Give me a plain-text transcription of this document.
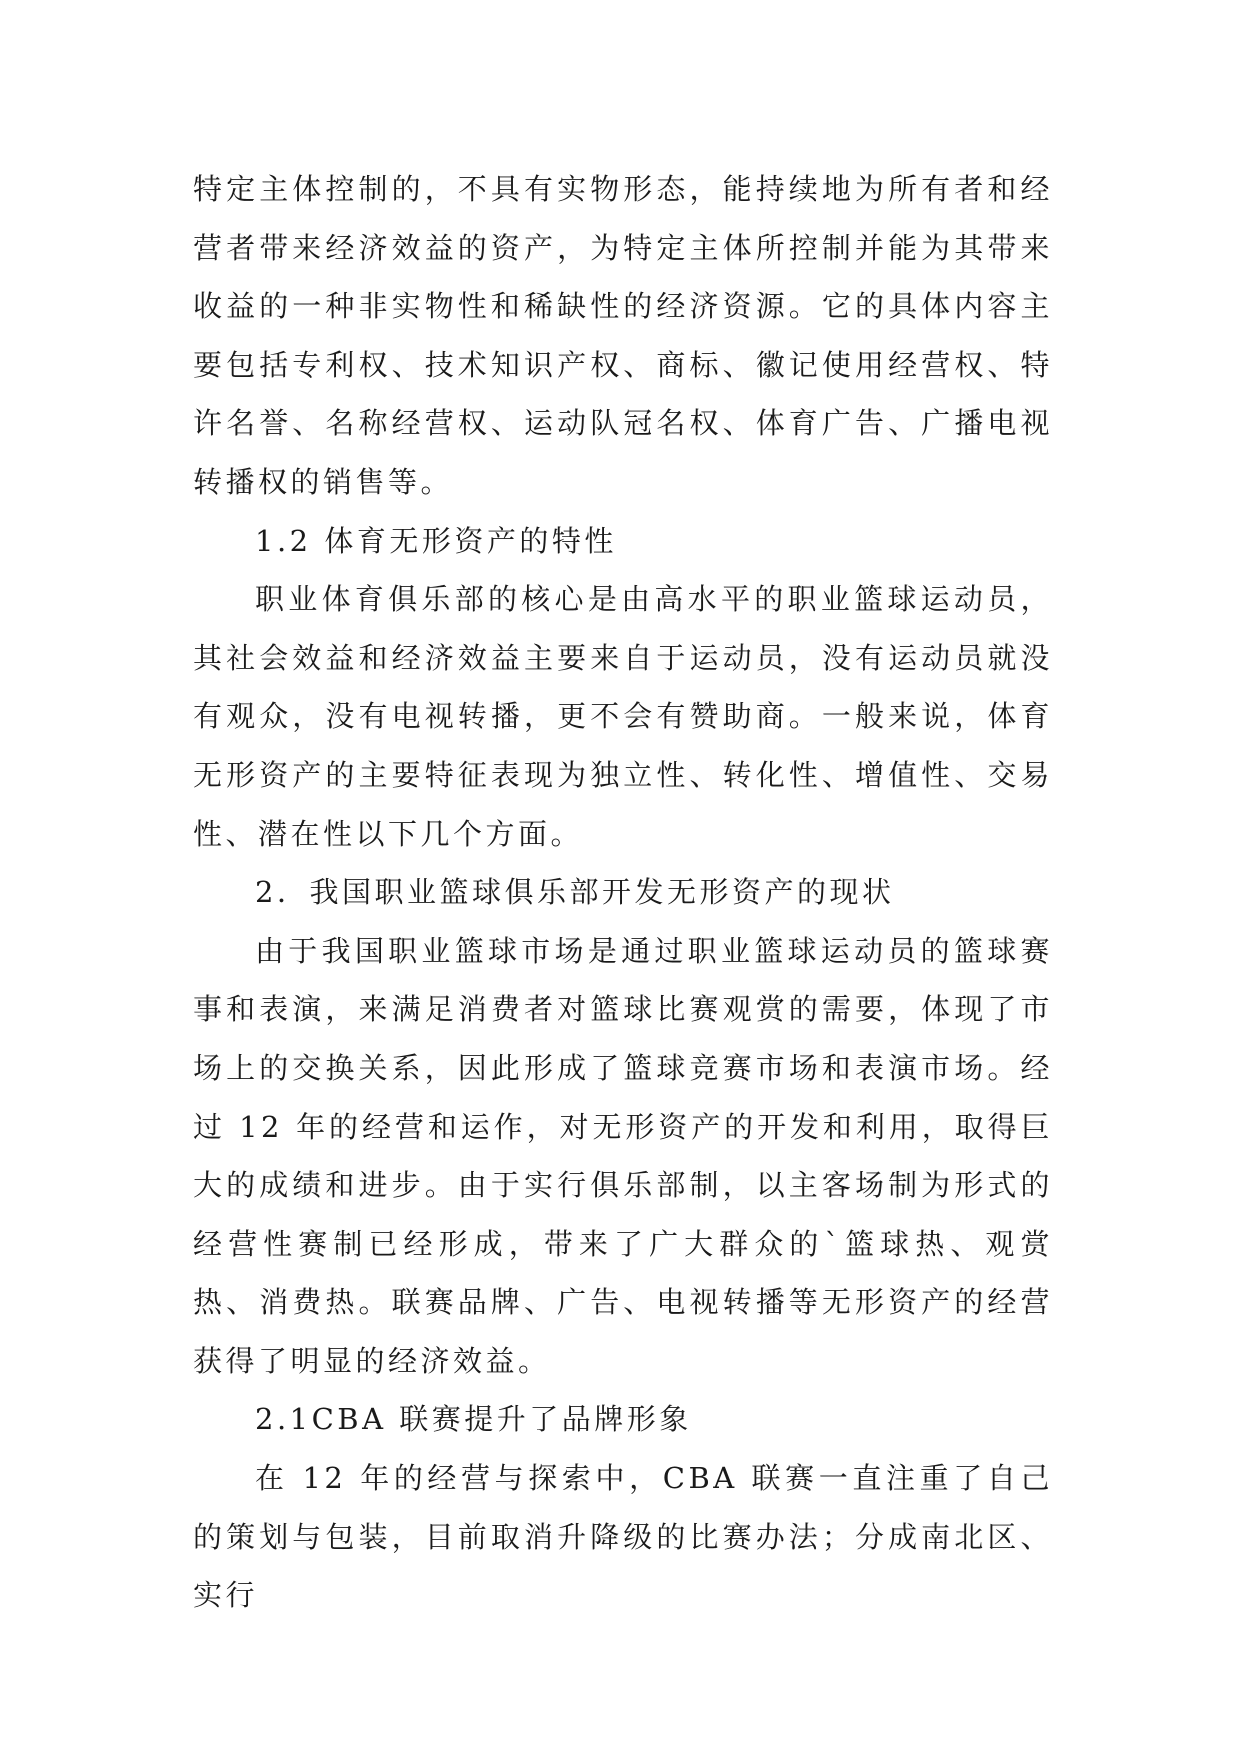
特定主体控制的，不具有实物形态，能持续地为所有者和经营者带来经济效益的资产，为特定主体所控制并能为其带来收益的一种非实物性和稀缺性的经济资源。它的具体内容主要包括专利权、技术知识产权、商标、徽记使用经营权、特许名誉、名称经营权、运动队冠名权、体育广告、广播电视转播权的销售等。

1.2 体育无形资产的特性

职业体育俱乐部的核心是由高水平的职业篮球运动员，其社会效益和经济效益主要来自于运动员，没有运动员就没有观众，没有电视转播，更不会有赞助商。一般来说，体育无形资产的主要特征表现为独立性、转化性、增值性、交易性、潜在性以下几个方面。

2．我国职业篮球俱乐部开发无形资产的现状

由于我国职业篮球市场是通过职业篮球运动员的篮球赛事和表演，来满足消费者对篮球比赛观赏的需要，体现了市场上的交换关系，因此形成了篮球竞赛市场和表演市场。经过 12 年的经营和运作，对无形资产的开发和利用，取得巨大的成绩和进步。由于实行俱乐部制，以主客场制为形式的经营性赛制已经形成，带来了广大群众的`篮球热、观赏热、消费热。联赛品牌、广告、电视转播等无形资产的经营获得了明显的经济效益。

2.1CBA 联赛提升了品牌形象

在 12 年的经营与探索中，CBA 联赛一直注重了自己的策划与包装，目前取消升降级的比赛办法；分成南北区、实行
